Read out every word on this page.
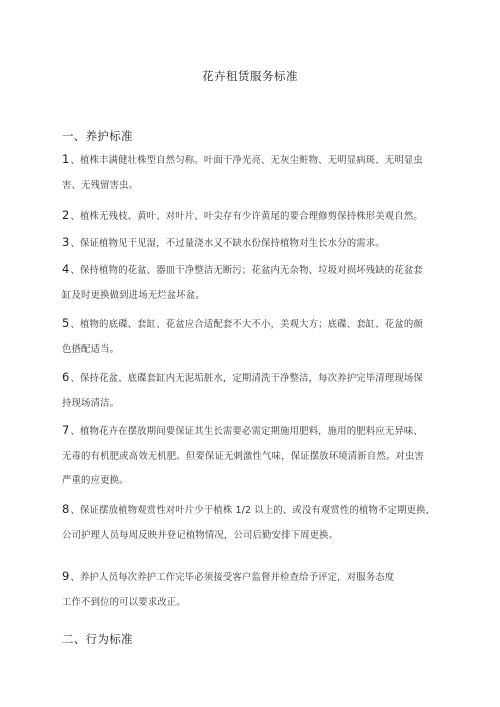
花卉租赁服务标准
一、养护标准
1、植株丰满健壮株型自然匀称。叶面干净光亮、无灰尘赃物、无明显病斑、无明显虫
害、无残留害虫。
2、植株无残枝、黄叶、对叶片、叶尖存有少许黄尾的要合理修剪保持株形美观自然。
3、保证植物见干见湿，不过量浇水又不缺水份保持植物对生长水分的需求。
4、保持植物的花盆、器皿干净整洁无断污；花盆内无杂物、垃圾对损坏残缺的花盆套
缸及时更换做到进场无烂盆坏盆。
5、植物的底碟、套缸、花盆应合适配套不大不小，美观大方；底碟、套缸、花盆的颜
色搭配适当。
6、保持花盆、底碟套缸内无泥垢脏水，定期清洗干净整洁，每次养护完毕清理现场保
持现场清洁。
7、植物花卉在摆放期间要保证其生长需要必需定期施用肥料，施用的肥料应无异味、
无毒的有机肥或高效无机肥。但要保证无刺激性气味，保证摆放环境清新自然。对虫害
严重的应更换。
8、保证摆放植物观赏性对叶片少于植株 1/2 以上的、或没有观赏性的植物不定期更换，
公司护理人员每周反映并登记植物情况，公司后勤安排下周更换。
9、养护人员每次养护工作完毕必须接受客户监督并检查给予评定，对服务态度
工作不到位的可以要求改正。
二、行为标准
